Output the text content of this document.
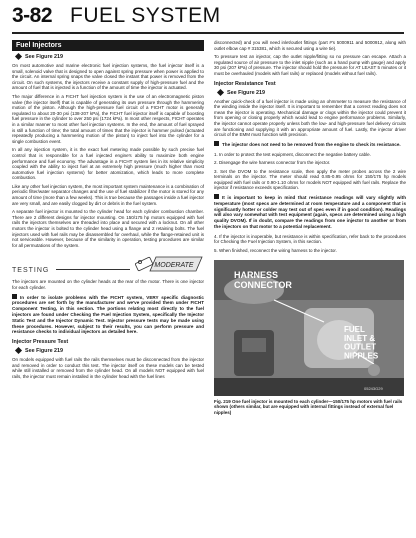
3-82 FUEL SYSTEM
Fuel Injectors
See Figure 219

On most automotive and marine electronic fuel injection systems, the fuel injector itself is a small, solenoid valve that is designed to open against spring pressure when power is applied to the circuit. An internal spring snaps the valve closed the instant that power is removed from the circuit. On such systems, the injectors receive a constant supply of high-pressure fuel and the amount of fuel that is injected is a function of the amount of time the injector is actuated.

The major difference in a FICHT fuel injection system is the use of an electromagnetic piston valve (the injector itself) that is capable of generating its own pressure through the hammering motion of the piston. Although the high-pressure fuel circuit of a FICHT motor is generally regulated to about 20-30 psi (138-207 kPa), the FICHT fuel injector itself is capable of boosting fuel pressure in the cylinder to over 250 psi (1724 kPa). In most other respects, FICHT operates in a similar manner to most other fuel injection systems. In the end, the amount of fuel sprayed is still a function of time; the total amount of times that the injector is hammer pulsed (actuated repeatedly producing a hammering motion of the piston) to inject fuel into the cylinder for a single combustion event.

In all any injection system, it is the exact fuel metering made possible by such precise fuel control that is responsible for a fuel injected engine's ability to maximize both engine performance and fuel economy. The advantage in a FICHT system lies in its relative simplicity coupled with the ability to inject fuel at an extremely high pressure (much higher than most automotive fuel injection systems) for better atomization, which leads to more complete combustion.

Like any other fuel injection system, the most important system maintenance is a combination of periodic filter/water separator changes and the use of fuel stabilizer if the motor is stored for any amount of time (more than a few weeks). This is true because the passages inside a fuel injector are very small, and are easily clogged by dirt or debris in the fuel system.

A separate fuel injector is mounted to the cylinder head for each cylinder combustion chamber. There are 2 different designs for injector mounting. On 150/175 hp motors equipped with fuel rails the injectors themselves are threaded into place and secured with a locknut. On all other motors the injector is bolted to the cylinder head using a flange and 2 retaining bolts. The fuel injectors used with fuel rails may be disassembled for overhaul, while the flange-retained unit is not serviceable. However, because of the similarity in operation, testing procedures are similar for all permutations of the system.

TESTING
MODERATE

The injectors are mounted on the cylinder heads at the rear of the motor. There is one injector for each cylinder.

In order to isolate problems with the FICHT system, VERY specific diagnostic procedures are set forth by the manufacturer and we've provided them under FICHT Component Testing, in this section. The portions relating most directly to the fuel injectors are found under Checking the Fuel Injection System, specifically the Injector Static Test and the Injector Dynamic Test. Injector pressure tests may be made using these procedures. However, subject to their results, you can perform pressure and resistance checks to individual injectors as detailed here.
Injector Pressure Test
See Figure 219

On models equipped with fuel rails the rails themselves must be disconnected from the injector and removed in order to conduct this test. The injector itself on these models can be tested while still installed or removed from the cylinder head. On all models NOT equipped with fuel rails, the injector must remain installed in the cylinder head with the fuel lines

disconnected) and you will need inlet/outlet fittings (part #'s 5000911 and 5000912, along with outlet elbow cap # 315381, which is secured using a wire tie).

To pressure test an injector, cap the outlet nipple/fitting so no pressure can escape. Attach a regulated source of air pressure to the inlet nipple (such as a hand pump with gauge) and apply 30 psi (207 kPa) of pressure. The injector should hold the pressure for AT LEAST 5 minutes or it must be overhauled (models with fuel rails) or replaced (models without fuel rails).

Injector Resistance Test
See Figure 219

Another quick-check of a fuel injector is made using an ohmmeter to measure the resistance of the winding inside the injector itself. It is important to remember that a correct reading does not mean the injector is operating. Mechanical damage or clogs within the injector could prevent it from opening or closing properly which would lead to engine performance problems. Similarly, the injector cannot operate properly unless both the low- and high-pressure fuel delivery circuits are functioning and supplying it with an appropriate amount of fuel. Lastly, the injector driver circuit of the EMM must function with precision.

The injector does not need to be removed from the engine to check its resistance.

1. In order to protect the test equipment, disconnect the negative battery cable.

2. Disengage the wire harness connector from the injector.

3. Set the DVOM to the resistance scale, then apply the meter probes across the 2 wire terminals on the injector. The meter should read 0.85-0.95 ohms for 150/175 hp models equipped with fuel rails or 0.90-1.10 ohms for models NOT equipped with fuel rails. Replace the injector if resistance exceeds specification.

It is important to keep in mind that resistance readings will vary slightly with temperature (most specs are determined at room temperature and a component that is significantly hotter or colder may test out of spec even if in good condition). Readings will also vary somewhat with test equipment (again, specs are determined using a high quality DVOM). If in doubt, compare the readings from one injector to another or from the injectors on that motor to a potential replacement.

4. If the injector is inoperable, but resistance is within specification, refer back to the procedures for Checking the Fuel Injection System, in this section.

5. When finished, reconnect the wiring harness to the injector.

HARNESS CONNECTOR
FUEL INLET & OUTLET NIPPLES
05243G29
Fig. 219 One fuel injector is mounted to each cylinder—150/175 hp motors with fuel rails shown (others similar, but are equipped with internal fittings instead of external fuel nipples)
